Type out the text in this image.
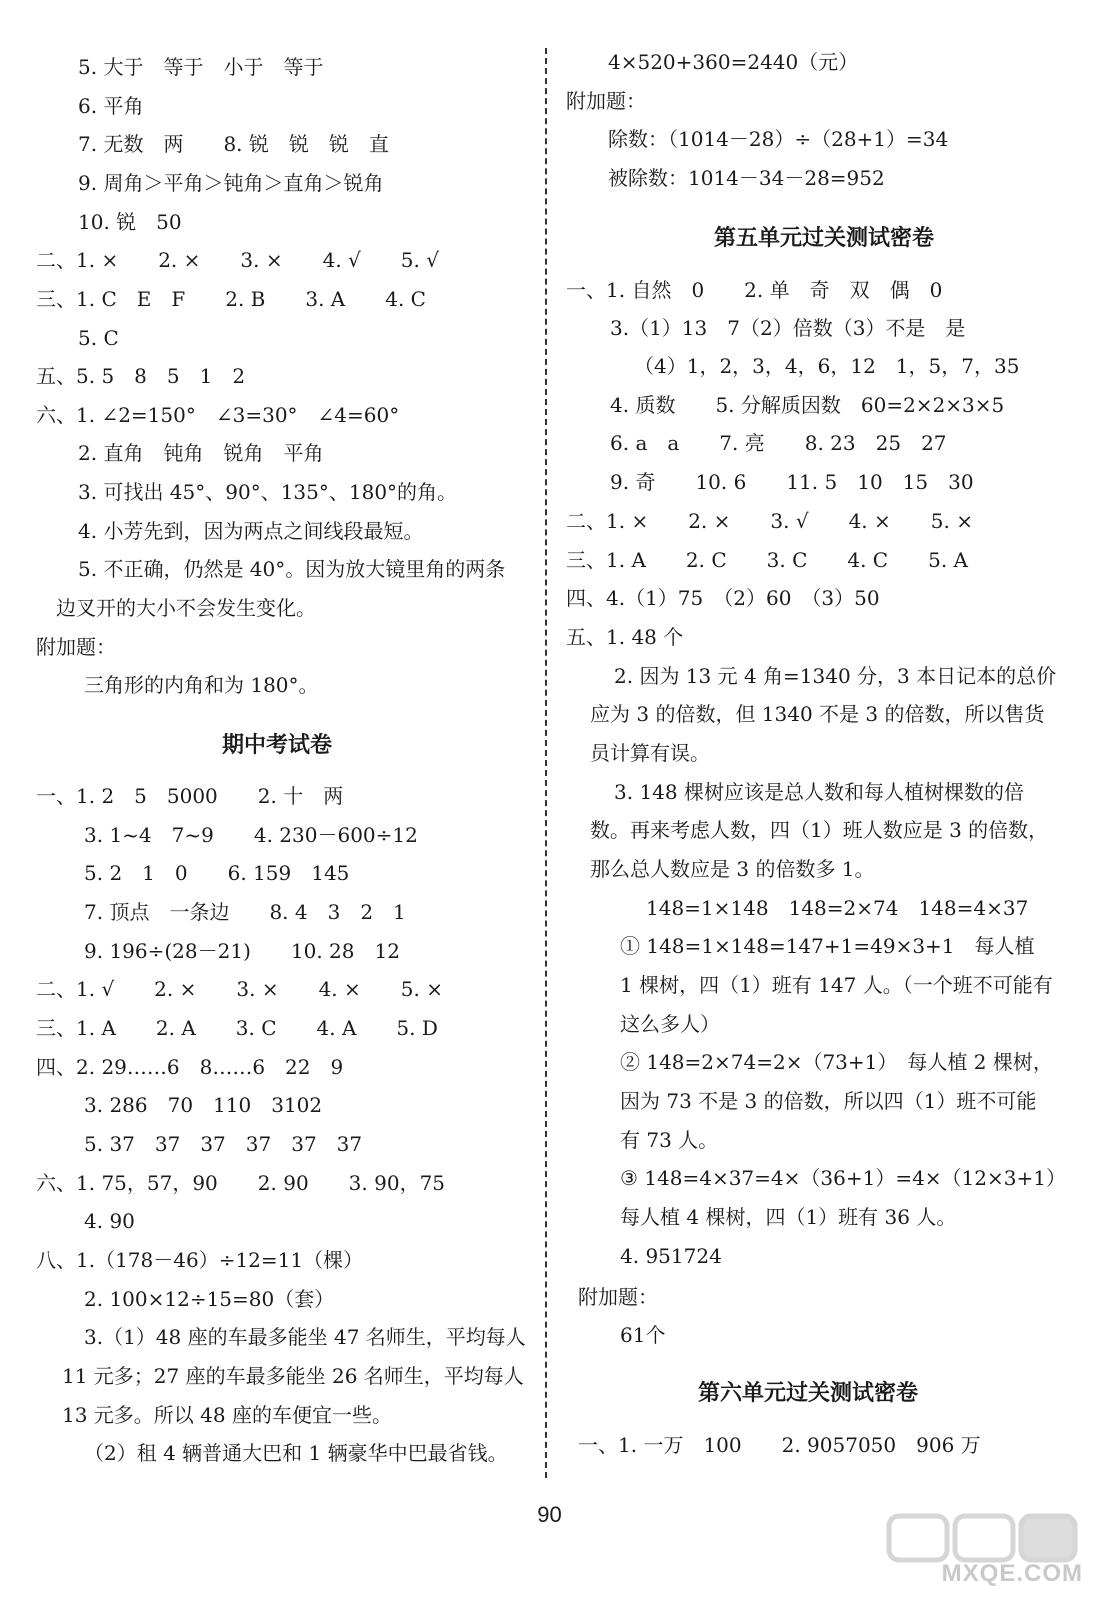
5. 大于　等于　小于　等于
6. 平角
7. 无数　两　　8. 锐　锐　锐　直
9. 周角＞平角＞钝角＞直角＞锐角
10. 锐　50
二、1. ×　　2. ×　　3. ×　　4. √　　5. √
三、1. C　E　F　　2. B　　3. A　　4. C
5. C
五、5. 5　8　5　1　2
六、1. ∠2=150°　∠3=30°　∠4=60°
2. 直角　钝角　锐角　平角
3. 可找出 45°、90°、135°、180°的角。
4. 小芳先到，因为两点之间线段最短。
5. 不正确，仍然是 40°。因为放大镜里角的两条
边叉开的大小不会发生变化。
附加题：
三角形的内角和为 180°。
期中考试卷
一、1. 2　5　5000　　2. 十　两
3. 1~4　7~9　　4. 230－600÷12
5. 2　1　0　　6. 159　145
7. 顶点　一条边　　8. 4　3　2　1
9. 196÷(28－21)　　10. 28　12
二、1. √　　2. ×　　3. ×　　4. ×　　5. ×
三、1. A　　2. A　　3. C　　4. A　　5. D
四、2. 29……6　8……6　22　9
3. 286　70　110　3102
5. 37　37　37　37　37　37
六、1. 75，57，90　　2. 90　　3. 90，75
4. 90
八、1.（178－46）÷12=11（棵）
2. 100×12÷15=80（套）
3.（1）48 座的车最多能坐 47 名师生，平均每人
11 元多；27 座的车最多能坐 26 名师生，平均每人
13 元多。所以 48 座的车便宜一些。
（2）租 4 辆普通大巴和 1 辆豪华中巴最省钱。
4×520+360=2440（元）
附加题：
除数：（1014－28）÷（28+1）=34
被除数：1014－34－28=952
第五单元过关测试密卷
一、1. 自然　0　　2. 单　奇　双　偶　0
3.（1）13　7（2）倍数（3）不是　是
（4）1，2，3，4，6，12　1，5，7，35
4. 质数　　5. 分解质因数　60=2×2×3×5
6. a　a　　7. 亮　　8. 23　25　27
9. 奇　　10. 6　　11. 5　10　15　30
二、1. ×　　2. ×　　3. √　　4. ×　　5. ×
三、1. A　　2. C　　3. C　　4. C　　5. A
四、4.（1）75　（2）60　（3）50
五、1. 48 个
2. 因为 13 元 4 角=1340 分，3 本日记本的总价
应为 3 的倍数，但 1340 不是 3 的倍数，所以售货
员计算有误。
3. 148 棵树应该是总人数和每人植树棵数的倍
数。再来考虑人数，四（1）班人数应是 3 的倍数，
那么总人数应是 3 的倍数多 1。
148=1×148　148=2×74　148=4×37
① 148=1×148=147+1=49×3+1　每人植
1 棵树，四（1）班有 147 人。（一个班不可能有
这么多人）
② 148=2×74=2×（73+1）　每人植 2 棵树，
因为 73 不是 3 的倍数，所以四（1）班不可能
有 73 人。
③ 148=4×37=4×（36+1）=4×（12×3+1）
每人植 4 棵树，四（1）班有 36 人。
4. 951724
附加题：
61个
第六单元过关测试密卷
一、1. 一万　100　　2. 9057050　906 万
90
MXQE.COM
